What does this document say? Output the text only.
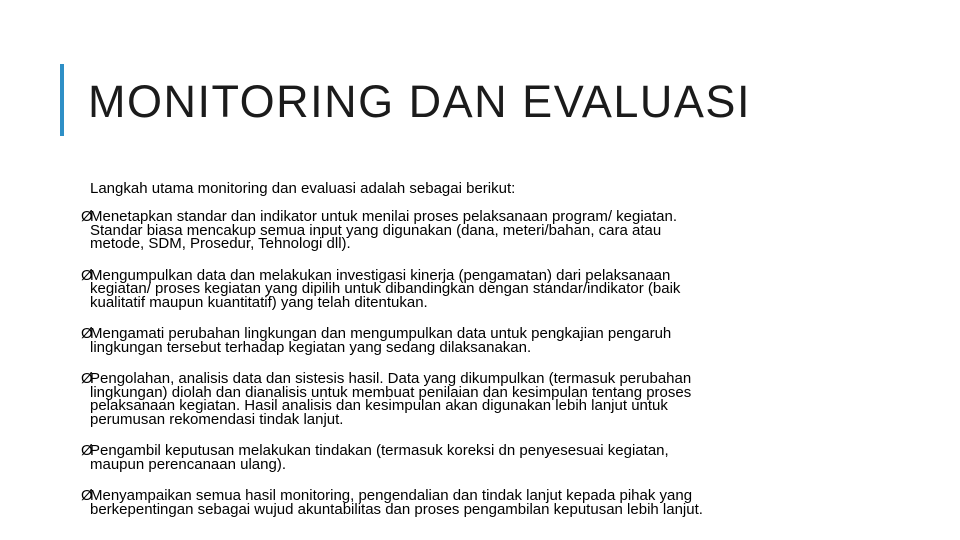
MONITORING DAN EVALUASI
Langkah utama monitoring dan evaluasi adalah sebagai berikut:
Ø
Menetapkan standar dan indikator untuk menilai proses pelaksanaan program/ kegiatan.
Standar biasa mencakup semua input yang digunakan (dana, meteri/bahan, cara atau
metode, SDM, Prosedur, Tehnologi dll).
Ø
Mengumpulkan data dan melakukan investigasi kinerja (pengamatan) dari pelaksanaan
kegiatan/ proses kegiatan yang dipilih untuk dibandingkan dengan standar/indikator (baik
kualitatif maupun kuantitatif) yang telah ditentukan.
Ø
Mengamati perubahan lingkungan dan mengumpulkan data untuk pengkajian pengaruh
lingkungan tersebut terhadap kegiatan yang sedang dilaksanakan.
Ø
Pengolahan, analisis data dan sistesis hasil. Data yang dikumpulkan (termasuk perubahan
lingkungan) diolah dan dianalisis untuk membuat penilaian dan kesimpulan tentang proses
pelaksanaan kegiatan. Hasil analisis dan kesimpulan akan digunakan lebih lanjut untuk
perumusan rekomendasi tindak lanjut.
Ø
Pengambil keputusan melakukan tindakan (termasuk koreksi dn penyesesuai kegiatan,
maupun perencanaan ulang).
Ø
Menyampaikan semua hasil monitoring, pengendalian dan tindak lanjut kepada pihak yang
berkepentingan sebagai wujud akuntabilitas dan proses pengambilan keputusan lebih lanjut.
